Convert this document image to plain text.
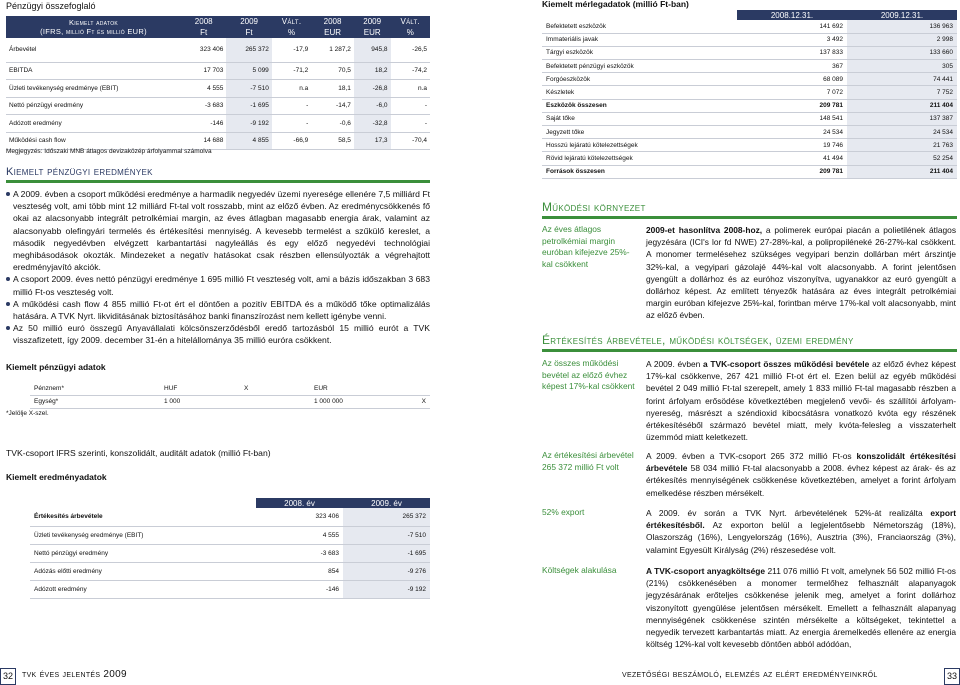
Pénzügyi összefoglaló
Kiemelt adatok
(IFRS, millió Ft és millió EUR)	2008	2009	Vált.	2008	2009	Vált.
	Ft	Ft	%	EUR	EUR	%
Árbevétel	323 406	265 372	-17,9	1 287,2	945,8	-26,5
EBITDA	17 703	5 099	-71,2	70,5	18,2	-74,2
Üzleti tevékenység eredménye (EBIT)	4 555	-7 510	n.a	18,1	-26,8	n.a
Nettó pénzügyi eredmény	-3 683	-1 695	-	-14,7	-6,0	-
Adózott eredmény	-146	-9 192	-	-0,6	-32,8	-
Működési cash flow	14 688	4 855	-66,9	58,5	17,3	-70,4
Megjegyzés: Időszaki MNB átlagos devizaközép árfolyammal számolva
Kiemelt pénzügyi eredmények
A 2009. évben a csoport működési eredménye a harmadik negyedév üzemi nyeresége ellenére 7,5 milliárd Ft veszteség volt, ami több mint 12 milliárd Ft-tal volt rosszabb, mint az előző évben. Az eredménycsökkenés fő okai az alacsonyabb integrált petrolkémiai margin, az éves átlagban magasabb energia árak, valamint az alacsonyabb olefingyári termelés és értékesítési mennyiség. A kevesebb termelést a szűkülő kereslet, a második negyedévben elvégzett karbantartási nagyleállás és egy előző negyedévi technológiai meghibásodások okozták. Mindezeket a negatív hatásokat csak részben ellensúlyozták a végrehajtott eredményjavító akciók.
A csoport 2009. éves nettó pénzügyi eredménye 1 695 millió Ft veszteség volt, ami a bázis időszakban 3 683 millió Ft-os veszteség volt.
A működési cash flow 4 855 millió Ft-ot ért el döntően a pozitív EBITDA és a működő tőke optimalizálás hatására. A TVK Nyrt. likviditásának biztosításához banki finanszírozást nem kellett igénybe venni.
Az 50 millió euró összegű Anyavállalati kölcsönszerződésből eredő tartozásból 15 millió eurót a TVK visszafizetett, így 2009. december 31-én a hitelállománya 35 millió euróra csökkent.
Kiemelt pénzügyi adatok
Pénznem*	HUF	X	EUR	
Egység*	1 000		1 000 000	X
*Jelölje X-szel.
TVK-csoport IFRS szerinti, konszolidált, auditált adatok (millió Ft-ban)
Kiemelt eredményadatok
	2008. év	2009. év
Értékesítés árbevétele	323 406	265 372
Üzleti tevékenység eredménye (EBIT)	4 555	-7 510
Nettó pénzügyi eredmény	-3 683	-1 695
Adózás előtti eredmény	854	-9 276
Adózott eredmény	-146	-9 192
32 tvk éves jelentés 2009
Kiemelt mérlegadatok (millió Ft-ban)
	2008.12.31.	2009.12.31.
Befektetett eszközök	141 692	136 963
Immateriális javak	3 492	2 998
Tárgyi eszközök	137 833	133 660
Befektetett pénzügyi eszközök	367	305
Forgóeszközök	68 089	74 441
Készletek	7 072	7 752
Eszközök összesen	209 781	211 404
Saját tőke	148 541	137 387
Jegyzett tőke	24 534	24 534
Hosszú lejáratú kötelezettségek	19 746	21 763
Rövid lejáratú kötelezettségek	41 494	52 254
Források összesen	209 781	211 404
Működési környezet
Az éves átlagos petrolkémiai margin euróban kifejezve 25%-kal csökkent
2009-et hasonlítva 2008-hoz, a polimerek európai piacán a polietilének átlagos jegyzésára (ICI's lor fd NWE) 27-28%-kal, a polipropiléneké 26-27%-kal csökkent. A monomer termelésehez szükséges vegyipari benzin dollárban mért árszintje 32%-kal, a vegyipari gázolajé 44%-kal volt alacsonyabb. A forint jelentősen gyengült a dollárhoz és az euróhoz viszonyítva, ugyanakkor az euró gyengült a dollárhoz képest. Az említett tényezők hatására az éves integrált petrolkémiai margin euróban kifejezve 25%-kal, forintban mérve 17%-kal volt alacsonyabb, mint az előző évben.
Értékesítés árbevétele, működési költségek, üzemi eredmény
Az összes működési bevétel az előző évhez képest 17%-kal csökkent
A 2009. évben a TVK-csoport összes működési bevétele az előző évhez képest 17%-kal csökkenve, 267 421 millió Ft-ot ért el. Ezen belül az egyéb működési bevétel 2 049 millió Ft-tal szerepelt, amely 1 833 millió Ft-tal magasabb részben a forint árfolyam erősödése következtében megjelenő vevői- és szállítói árfolyam-nyereség, másrészt a széndioxid kibocsátásra vonatkozó kvóta egy részének értékesítéséből származó bevétel miatt, mely kvóta-felesleg a visszaterhelt üzemmód miatt keletkezett.
Az értékesítési árbevétel 265 372 millió Ft volt
A 2009. évben a TVK-csoport 265 372 millió Ft-os konszolidált értékesítési árbevétele 58 034 millió Ft-tal alacsonyabb a 2008. évhez képest az árak- és az értékesítés mennyiségének csökkenése következtében, amelyet a forint árfolyam emelkedése részben mérsékelt.
52% export	A 2009. év során a TVK Nyrt. árbevételének 52%-át realizálta export értékesítésből. Az exporton belül a legjelentősebb Németország (18%), Olaszország (16%), Lengyelország (16%), Ausztria (3%), Franciaország (3%), valamint Egyesült Királyság (2%) részesedése volt.
Költségek alakulása	A TVK-csoport anyagköltsége 211 076 millió Ft volt, amelynek 56 502 millió Ft-os (21%) csökkenésében a monomer termelőhez felhasznált alapanyagok jegyzésárának erőteljes csökkenése jelenik meg, amelyet a forint dollárhoz viszonyított gyengülése jelentősen mérsékelt. Emellett a felhasznált alapanyag mennyiségének csökkenése szintén mérsékelte a költségeket, tekintettel a negyedik tervezett karbantartás miatt. Az energia áremelkedés ellenére az energia költség 12%-kal volt kevesebb döntően abból adódóan,
vezetőségi beszámoló, elemzés az elért eredményeinkről	33
